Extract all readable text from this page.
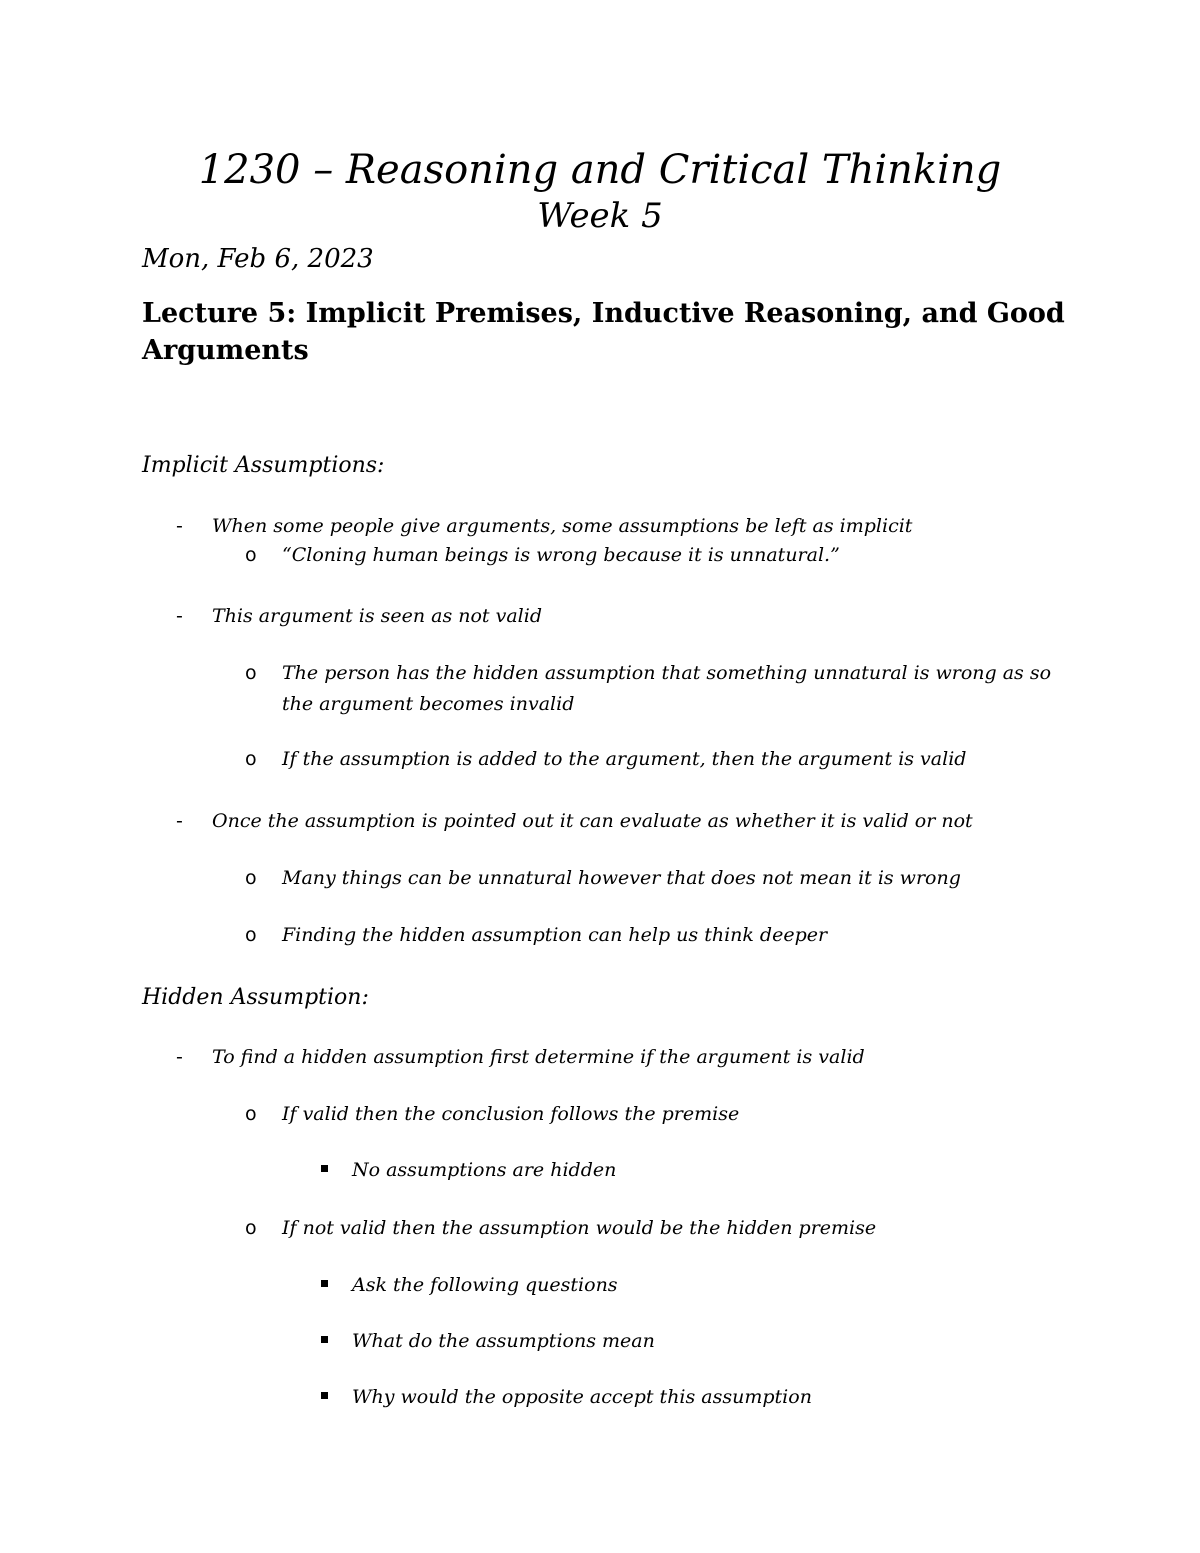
1230 – Reasoning and Critical Thinking
Week 5
Mon, Feb 6, 2023
Lecture 5: Implicit Premises, Inductive Reasoning, and Good Arguments
Implicit Assumptions:
- When some people give arguments, some assumptions be left as implicit
o “Cloning human beings is wrong because it is unnatural.”
- This argument is seen as not valid
o The person has the hidden assumption that something unnatural is wrong as so the argument becomes invalid
o If the assumption is added to the argument, then the argument is valid
- Once the assumption is pointed out it can evaluate as whether it is valid or not
o Many things can be unnatural however that does not mean it is wrong
o Finding the hidden assumption can help us think deeper
Hidden Assumption:
- To find a hidden assumption first determine if the argument is valid
o If valid then the conclusion follows the premise
No assumptions are hidden
o If not valid then the assumption would be the hidden premise
Ask the following questions
What do the assumptions mean
Why would the opposite accept this assumption
